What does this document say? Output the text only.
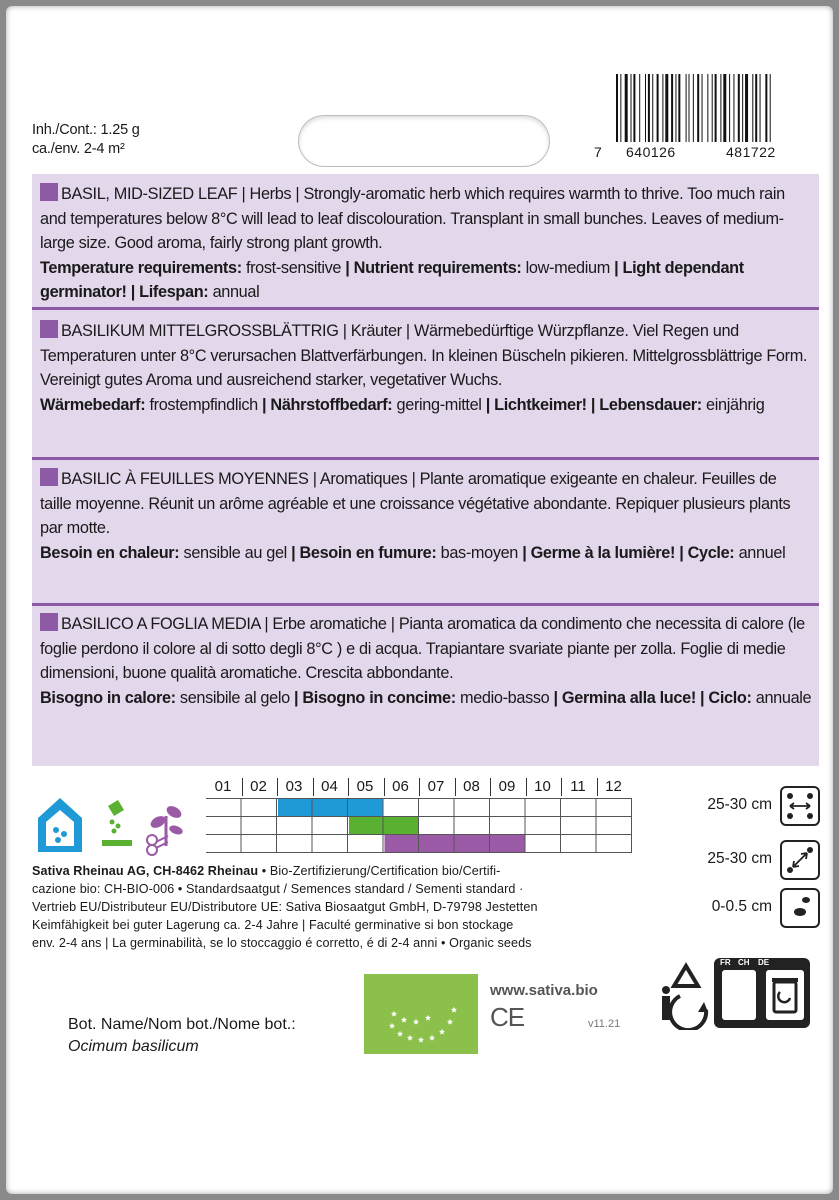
Inh./Cont.: 1.25 g
ca./env. 2-4 m²	7 640126	481722
BASIL, MID-SIZED LEAF | Herbs | Strongly-aromatic herb which requires warmth to thrive. Too much rain and temperatures below 8°C will lead to leaf discolouration. Transplant in small bunches. Leaves of medium-large size. Good aroma, fairly strong plant growth.
Temperature requirements: frost-sensitive | Nutrient requirements: low-medium | Light dependant germinator! | Lifespan: annual
BASILIKUM MITTELGROSSBLÄTTRIG | Kräuter | Wärmebedürftige Würzpflanze. Viel Regen und Temperaturen unter 8°C verursachen Blattverfärbungen. In kleinen Büscheln pikieren. Mittelgrossblättrige Form. Vereinigt gutes Aroma und ausreichend starker, vegetativer Wuchs.
Wärmebedarf: frostempfindlich | Nährstoffbedarf: gering-mittel | Lichtkeimer! | Lebensdauer: einjährig
BASILIC À FEUILLES MOYENNES | Aromatiques | Plante aromatique exigeante en chaleur. Feuilles de taille moyenne. Réunit un arôme agréable et une croissance végétative abondante. Repiquer plusieurs plants par motte.
Besoin en chaleur: sensible au gel | Besoin en fumure: bas-moyen | Germe à la lumière! | Cycle: annuel
BASILICO A FOGLIA MEDIA | Erbe aromatiche | Pianta aromatica da condimento che necessita di calore (le foglie perdono il colore al di sotto degli 8°C ) e di acqua. Trapiantare svariate piante per zolla. Foglie di medie dimensioni, buone qualità aromatiche. Crescita abbondante.
Bisogno in calore: sensibile al gelo | Bisogno in concime: medio-basso | Germina alla luce! | Ciclo: annuale
01	02	03	04	05	06	07	08	09	10	11	12
25-30 cm
25-30 cm
0-0.5 cm
Sativa Rheinau AG, CH-8462 Rheinau • Bio-Zertifizierung/Certification bio/Certifi-
cazione bio: CH-BIO-006 • Standardsaatgut / Semences standard / Sementi standard ·
Vertrieb EU/Distributeur EU/Distributore UE: Sativa Biosaatgut GmbH, D-79798 Jestetten
Keimfähigkeit bei guter Lagerung ca. 2-4 Jahre | Faculté germinative si bon stockage
env. 2-4 ans | La germinabilità, se lo stoccaggio é corretto, é di 2-4 anni • Organic seeds
Bot. Name/Nom bot./Nome bot.:
Ocimum basilicum
www.sativa.bio
CE	v11.21
FR CH DE
